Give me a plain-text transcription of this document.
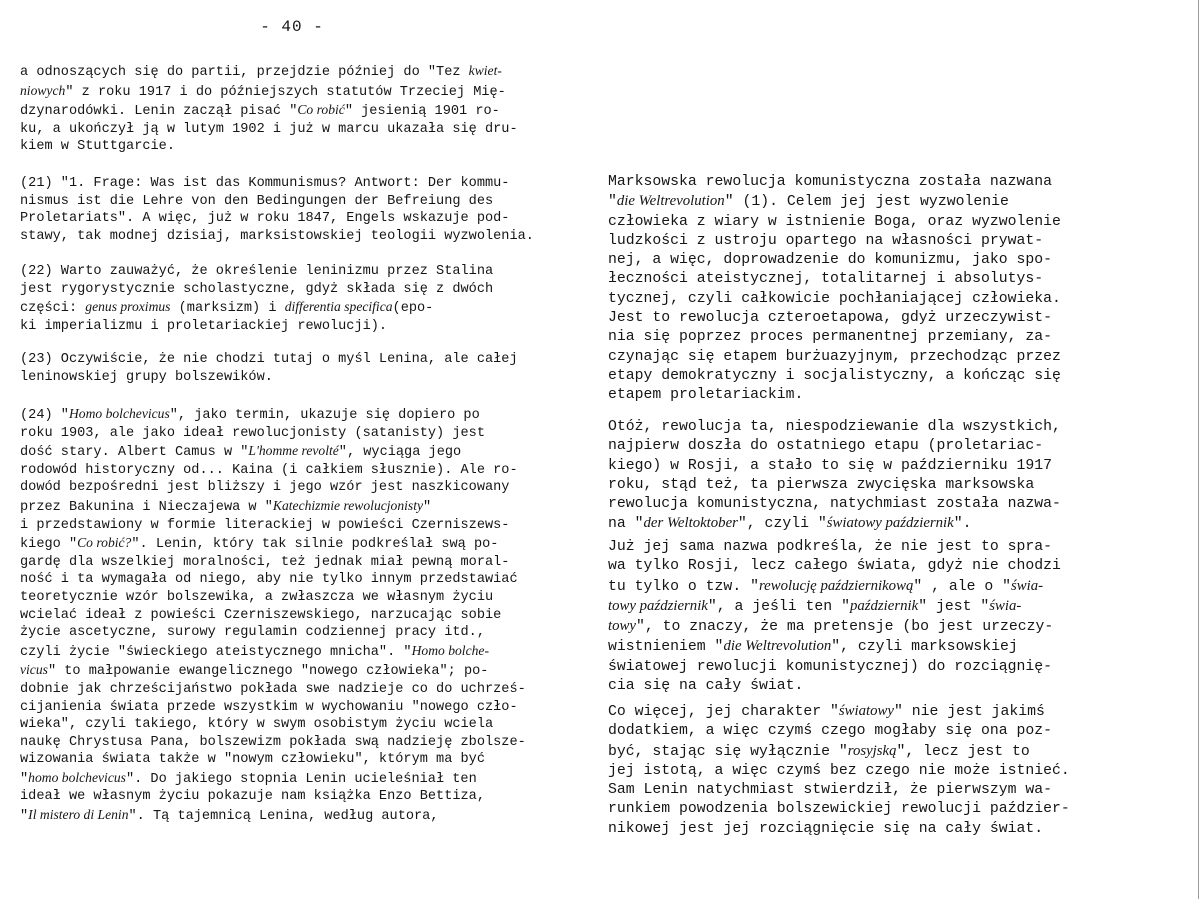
- 40 -
a odnoszących się do partii, przejdzie później do "Tez kwiet-
niowych" z roku 1917 i do późniejszych statutów Trzeciej Mię-
dzynarodówki. Lenin zaczął pisać "Co robić" jesienią 1901 ro-
ku, a ukończył ją w lutym 1902 i już w marcu ukazała się dru-
kiem w Stuttgarcie.
(21) "1. Frage: Was ist das Kommunismus? Antwort: Der kommu-
nismus ist die Lehre von den Bedingungen der Befreiung des
Proletariats". A więc, już w roku 1847, Engels wskazuje pod-
stawy, tak modnej dzisiaj, marksistowskiej teologii wyzwolenia.
(22) Warto zauważyć, że określenie leninizmu przez Stalina
jest rygorystycznie scholastyczne, gdyż składa się z dwóch
części: genus proximus (marksizm) i differentia specifica(epo-
ki imperializmu i proletariackiej rewolucji).
(23) Oczywiście, że nie chodzi tutaj o myśl Lenina, ale całej
leninowskiej grupy bolszewików.
(24) "Homo bolchevicus", jako termin, ukazuje się dopiero po
roku 1903, ale jako ideał rewolucjonisty (satanisty) jest
dość stary. Albert Camus w "L'homme revolté", wyciąga jego
rodowód historyczny od... Kaina (i całkiem słusznie). Ale ro-
dowód bezpośredni jest bliższy i jego wzór jest naszkicowany
przez Bakunina i Nieczajewa w "Katechizmie rewolucjonisty"
i przedstawiony w formie literackiej w powieści Czerniszews-
kiego "Co robić?". Lenin, który tak silnie podkreślał swą po-
gardę dla wszelkiej moralności, też jednak miał pewną moral-
ność i ta wymagała od niego, aby nie tylko innym przedstawiać
teoretycznie wzór bolszewika, a zwłaszcza we własnym życiu
wcielać ideał z powieści Czerniszewskiego, narzucając sobie
życie ascetyczne, surowy regulamin codziennej pracy itd.,
czyli życie "świeckiego ateistycznego mnicha". "Homo bolche-
vicus" to małpowanie ewangelicznego "nowego człowieka"; po-
dobnie jak chrześcijaństwo pokłada swe nadzieje co do uchrześ-
cijanienia świata przede wszystkim w wychowaniu "nowego czło-
wieka", czyli takiego, który w swym osobistym życiu wciela
naukę Chrystusa Pana, bolszewizm pokłada swą nadzieję zbolsze-
wizowania świata także w "nowym człowieku", którym ma być
"homo bolchevicus". Do jakiego stopnia Lenin ucieleśniał ten
ideał we własnym życiu pokazuje nam książka Enzo Bettiza,
"Il mistero di Lenin". Tą tajemnicą Lenina, według autora,
Marksowska rewolucja komunistyczna została nazwana
"die Weltrevolution" (1). Celem jej jest wyzwolenie
człowieka z wiary w istnienie Boga, oraz wyzwolenie
ludzkości z ustroju opartego na własności prywat-
nej, a więc, doprowadzenie do komunizmu, jako spo-
łeczności ateistycznej, totalitarnej i absolutys-
tycznej, czyli całkowicie pochłaniającej człowieka.
Jest to rewolucja czteroetapowa, gdyż urzeczywist-
nia się poprzez proces permanentnej przemiany, za-
czynając się etapem burżuazyjnym, przechodząc przez
etapy demokratyczny i socjalistyczny, a kończąc się
etapem proletariackim.
Otóż, rewolucja ta, niespodziewanie dla wszystkich,
najpierw doszła do ostatniego etapu (proletariac-
kiego) w Rosji, a stało to się w październiku 1917
roku, stąd też, ta pierwsza zwycięska marksowska
rewolucja komunistyczna, natychmiast została nazwa-
na "der Weltoktober", czyli "światowy październik".
Już jej sama nazwa podkreśla, że nie jest to spra-
wa tylko Rosji, lecz całego świata, gdyż nie chodzi
tu tylko o tzw. "rewolucję październikową" , ale o "świa-
towy październik", a jeśli ten "październik" jest "świa-
towy", to znaczy, że ma pretensje (bo jest urzeczy-
wistnieniem "die Weltrevolution", czyli marksowskiej
światowej rewolucji komunistycznej) do rozciągnię-
cia się na cały świat.
Co więcej, jej charakter "światowy" nie jest jakimś
dodatkiem, a więc czymś czego mogłaby się ona poz-
być, stając się wyłącznie "rosyjską", lecz jest to
jej istotą, a więc czymś bez czego nie może istnieć.
Sam Lenin natychmiast stwierdził, że pierwszym wa-
runkiem powodzenia bolszewickiej rewolucji paździer-
nikowej jest jej rozciągnięcie się na cały świat.
